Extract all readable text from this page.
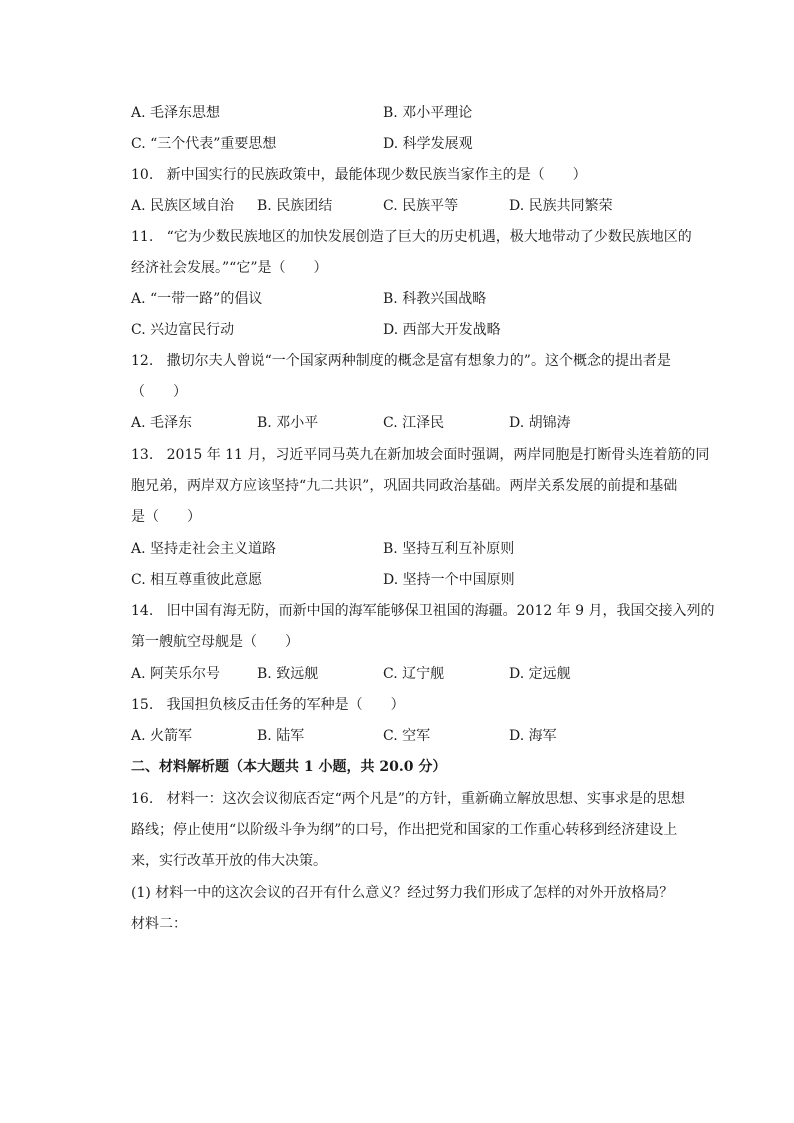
A. 毛泽东思想	B. 邓小平理论
C. “三个代表”重要思想	D. 科学发展观
10. 新中国实行的民族政策中，最能体现少数民族当家作主的是（　　）
A. 民族区域自治 B. 民族团结	C. 民族平等	D. 民族共同繁荣
11. “它为少数民族地区的加快发展创造了巨大的历史机遇，极大地带动了少数民族地区的
经济社会发展。”“它”是（　　）
A. “一带一路”的倡议	B. 科教兴国战略
C. 兴边富民行动	D. 西部大开发战略
12. 撒切尔夫人曾说“一个国家两种制度的概念是富有想象力的”。这个概念的提出者是
（　　）
A. 毛泽东	B. 邓小平	C. 江泽民	D. 胡锦涛
13. 2015 年 11 月，习近平同马英九在新加坡会面时强调，两岸同胞是打断骨头连着筋的同
胞兄弟，两岸双方应该坚持“九二共识”，巩固共同政治基础。两岸关系发展的前提和基础
是（　　）
A. 坚持走社会主义道路	B. 坚持互利互补原则
C. 相互尊重彼此意愿	D. 坚持一个中国原则
14. 旧中国有海无防，而新中国的海军能够保卫祖国的海疆。2012 年 9 月，我国交接入列的
第一艘航空母舰是（　　）
A. 阿芙乐尔号	B. 致远舰	C. 辽宁舰	D. 定远舰
15. 我国担负核反击任务的军种是（　　）
A. 火箭军	B. 陆军	C. 空军	D. 海军
二、材料解析题（本大题共 1 小题，共 20.0 分）
16. 材料一：这次会议彻底否定“两个凡是”的方针，重新确立解放思想、实事求是的思想
路线；停止使用“以阶级斗争为纲”的口号，作出把党和国家的工作重心转移到经济建设上
来，实行改革开放的伟大决策。
(1) 材料一中的这次会议的召开有什么意义？经过努力我们形成了怎样的对外开放格局？
材料二：
